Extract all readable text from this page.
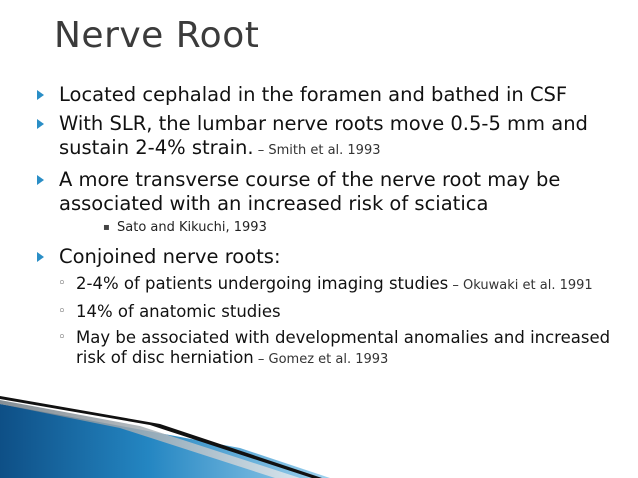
Nerve Root
Located cephalad in the foramen and bathed in CSF
With SLR, the lumbar nerve roots move 0.5-5 mm and sustain 2-4% strain. – Smith et al. 1993
A more transverse course of the nerve root may be associated with an increased risk of sciatica
▪ Sato and Kikuchi, 1993
Conjoined nerve roots:
◦ 2-4% of patients undergoing imaging studies – Okuwaki et al. 1991
◦ 14% of anatomic studies
◦ May be associated with developmental anomalies and increased risk of disc herniation – Gomez et al. 1993
